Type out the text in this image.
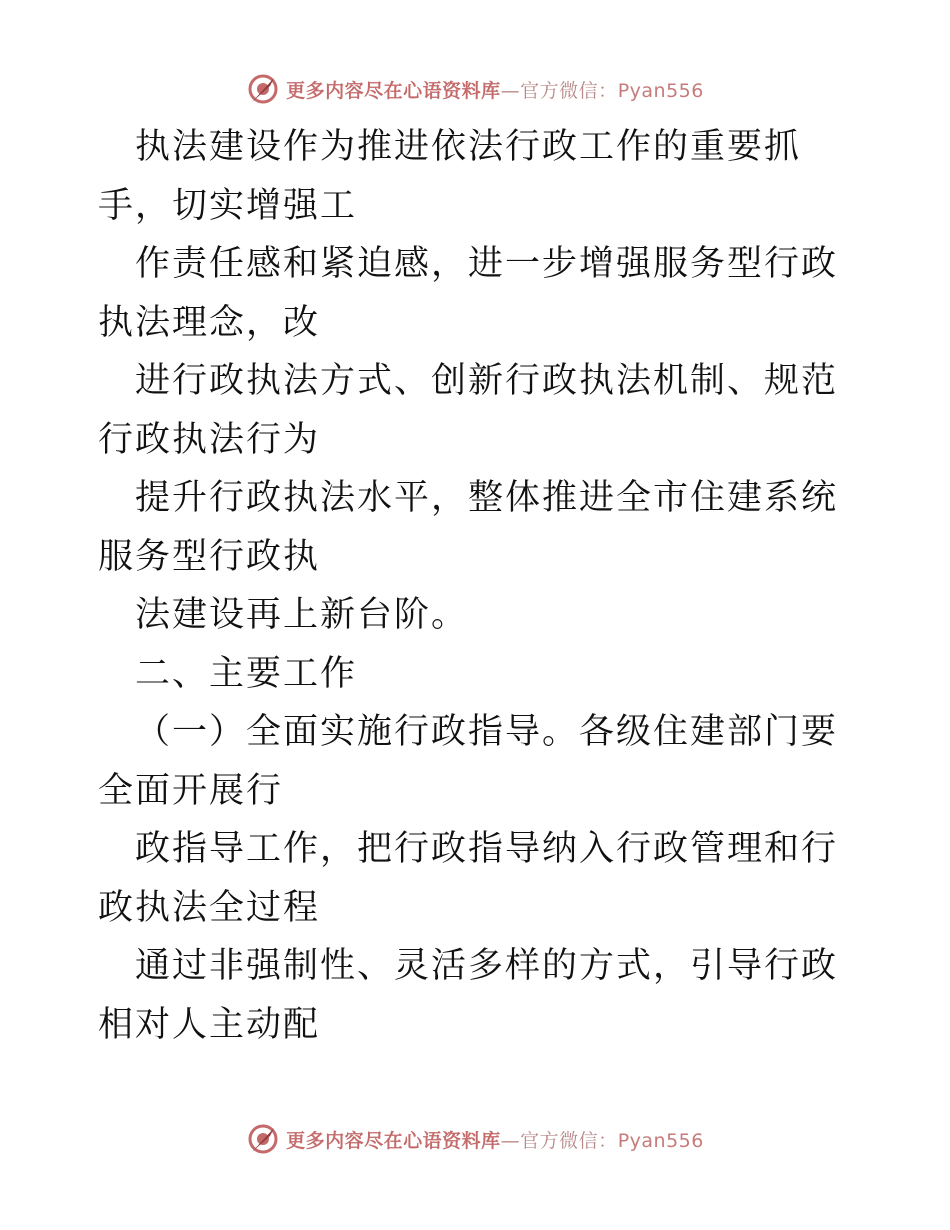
更多内容尽在心语资料库—官方微信：Pyan556

执法建设作为推进依法行政工作的重要抓手，切实增强工

作责任感和紧迫感，进一步增强服务型行政执法理念，改

进行政执法方式、创新行政执法机制、规范行政执法行为

提升行政执法水平，整体推进全市住建系统服务型行政执

法建设再上新台阶。

二、主要工作

（一）全面实施行政指导。各级住建部门要全面开展行

政指导工作，把行政指导纳入行政管理和行政执法全过程

通过非强制性、灵活多样的方式，引导行政相对人主动配

更多内容尽在心语资料库—官方微信：Pyan556
